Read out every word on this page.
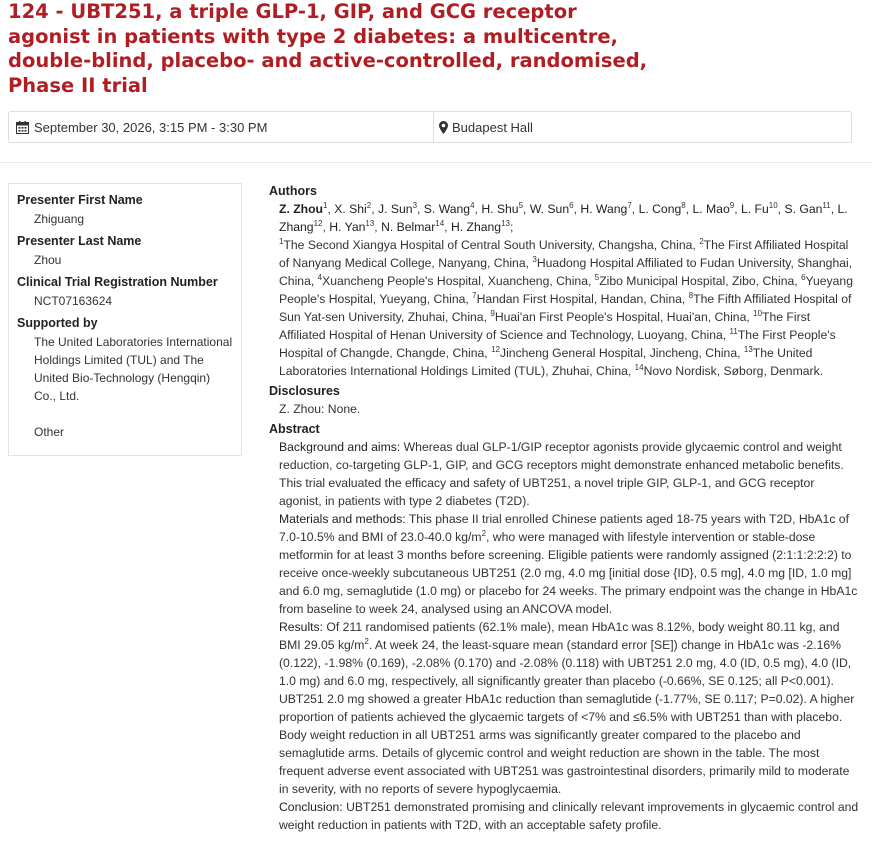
124 - UBT251, a triple GLP-1, GIP, and GCG receptor agonist in patients with type 2 diabetes: a multicentre, double-blind, placebo- and active-controlled, randomised, Phase II trial
September 30, 2026, 3:15 PM - 3:30 PM	Budapest Hall
Presenter First Name
Zhiguang
Presenter Last Name
Zhou
Clinical Trial Registration Number
NCT07163624
Supported by
The United Laboratories International Holdings Limited (TUL) and The United Bio-Technology (Hengqin) Co., Ltd.
Other
Authors
Z. Zhou$^1$, X. Shi$^2$, J. Sun$^3$, S. Wang$^4$, H. Shu$^5$, W. Sun$^6$, H. Wang$^7$, L. Cong$^8$, L. Mao$^9$, L. Fu$^{10}$, S. Gan$^{11}$, L. Zhang$^{12}$, H. Yan$^{13}$, N. Belmar$^{14}$, H. Zhang$^{13}$;
$^1$The Second Xiangya Hospital of Central South University, Changsha, China, $^2$The First Affiliated Hospital of Nanyang Medical College, Nanyang, China, $^3$Huadong Hospital Affiliated to Fudan University, Shanghai, China, $^4$Xuancheng People's Hospital, Xuancheng, China, $^5$Zibo Municipal Hospital, Zibo, China, $^6$Yueyang People's Hospital, Yueyang, China, $^7$Handan First Hospital, Handan, China, $^8$The Fifth Affiliated Hospital of Sun Yat-sen University, Zhuhai, China, $^9$Huai'an First People's Hospital, Huai'an, China, $^{10}$The First Affiliated Hospital of Henan University of Science and Technology, Luoyang, China, $^{11}$The First People's Hospital of Changde, Changde, China, $^{12}$Jincheng General Hospital, Jincheng, China, $^{13}$The United Laboratories International Holdings Limited (TUL), Zhuhai, China, $^{14}$Novo Nordisk, Søborg, Denmark.
Disclosures
Z. Zhou: None.
Abstract

Background and aims: Whereas dual GLP-1/GIP receptor agonists provide glycaemic control and weight reduction, co-targeting GLP-1, GIP, and GCG receptors might demonstrate enhanced metabolic benefits. This trial evaluated the efficacy and safety of UBT251, a novel triple GIP, GLP-1, and GCG receptor agonist, in patients with type 2 diabetes (T2D).

Materials and methods: This phase II trial enrolled Chinese patients aged 18-75 years with T2D, HbA1c of 7.0-10.5% and BMI of 23.0-40.0 $kg/m^2$, who were managed with lifestyle intervention or stable-dose metformin for at least 3 months before screening. Eligible patients were randomly assigned (2:1:1:2:2:2) to receive once-weekly subcutaneous UBT251 (2.0 mg, 4.0 mg [initial dose {ID}, 0.5 mg], 4.0 mg [ID, 1.0 mg] and 6.0 mg, semaglutide (1.0 mg) or placebo for 24 weeks. The primary endpoint was the change in HbA1c from baseline to week 24, analysed using an ANCOVA model.

Results: Of 211 randomised patients (62.1% male), mean HbA1c was 8.12%, body weight 80.11 kg, and BMI 29.05 $kg/m^2$. At week 24, the least-square mean (standard error [SE]) change in HbA1c was -2.16% (0.122), -1.98% (0.169), -2.08% (0.170) and -2.08% (0.118) with UBT251 2.0 mg, 4.0 (ID, 0.5 mg), 4.0 (ID, 1.0 mg) and 6.0 mg, respectively, all significantly greater than placebo (-0.66%, SE 0.125; all P<0.001). UBT251 2.0 mg showed a greater HbA1c reduction than semaglutide (-1.77%, SE 0.117; P=0.02). A higher proportion of patients achieved the glycaemic targets of <7% and ≤6.5% with UBT251 than with placebo. Body weight reduction in all UBT251 arms was significantly greater compared to the placebo and semaglutide arms. Details of glycemic control and weight reduction are shown in the table. The most frequent adverse event associated with UBT251 was gastrointestinal disorders, primarily mild to moderate in severity, with no reports of severe hypoglycaemia.

Conclusion: UBT251 demonstrated promising and clinically relevant improvements in glycaemic control and weight reduction in patients with T2D, with an acceptable safety profile.
